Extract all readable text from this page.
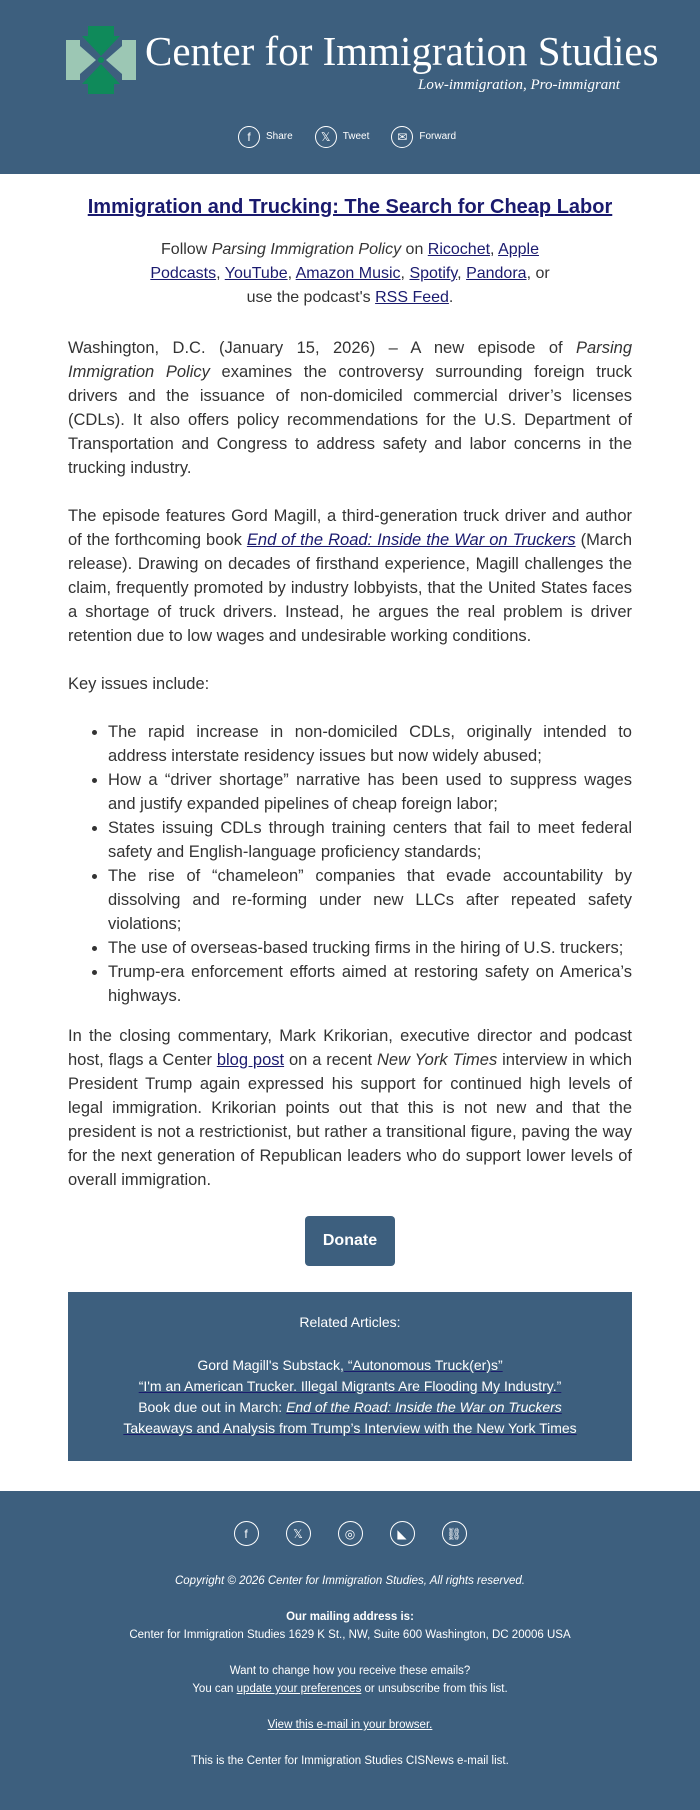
Center for Immigration Studies
Low-immigration, Pro-immigrant
f	Share	𝕏	Tweet	✉	Forward
Immigration and Trucking: The Search for Cheap Labor
Follow Parsing Immigration Policy on Ricochet, Apple Podcasts, YouTube, Amazon Music, Spotify, Pandora, or use the podcast's RSS Feed.

Washington, D.C. (January 15, 2026) – A new episode of Parsing Immigration Policy examines the controversy surrounding foreign truck drivers and the issuance of non-domiciled commercial driver’s licenses (CDLs). It also offers policy recommendations for the U.S. Department of Transportation and Congress to address safety and labor concerns in the trucking industry.

The episode features Gord Magill, a third-generation truck driver and author of the forthcoming book End of the Road: Inside the War on Truckers (March release). Drawing on decades of firsthand experience, Magill challenges the claim, frequently promoted by industry lobbyists, that the United States faces a shortage of truck drivers. Instead, he argues the real problem is driver retention due to low wages and undesirable working conditions.

Key issues include:

• The rapid increase in non-domiciled CDLs, originally intended to address interstate residency issues but now widely abused;
• How a “driver shortage” narrative has been used to suppress wages and justify expanded pipelines of cheap foreign labor;
• States issuing CDLs through training centers that fail to meet federal safety and English-language proficiency standards;
• The rise of “chameleon” companies that evade accountability by dissolving and re-forming under new LLCs after repeated safety violations;
• The use of overseas-based trucking firms in the hiring of U.S. truckers;
• Trump-era enforcement efforts aimed at restoring safety on America’s highways.

In the closing commentary, Mark Krikorian, executive director and podcast host, flags a Center blog post on a recent New York Times interview in which President Trump again expressed his support for continued high levels of legal immigration. Krikorian points out that this is not new and that the president is not a restrictionist, but rather a transitional figure, paving the way for the next generation of Republican leaders who do support lower levels of overall immigration.

Donate
Related Articles:
Gord Magill's Substack, “Autonomous Truck(er)s”
“I'm an American Trucker. Illegal Migrants Are Flooding My Industry.”
Book due out in March: End of the Road: Inside the War on Truckers
Takeaways and Analysis from Trump’s Interview with the New York Times
f	𝕏	◎	◣	⛓

Copyright © 2026 Center for Immigration Studies, All rights reserved.

Our mailing address is:
Center for Immigration Studies 1629 K St., NW, Suite 600 Washington, DC 20006 USA

Want to change how you receive these emails?
You can update your preferences or unsubscribe from this list.

View this e-mail in your browser.

This is the Center for Immigration Studies CISNews e-mail list.
